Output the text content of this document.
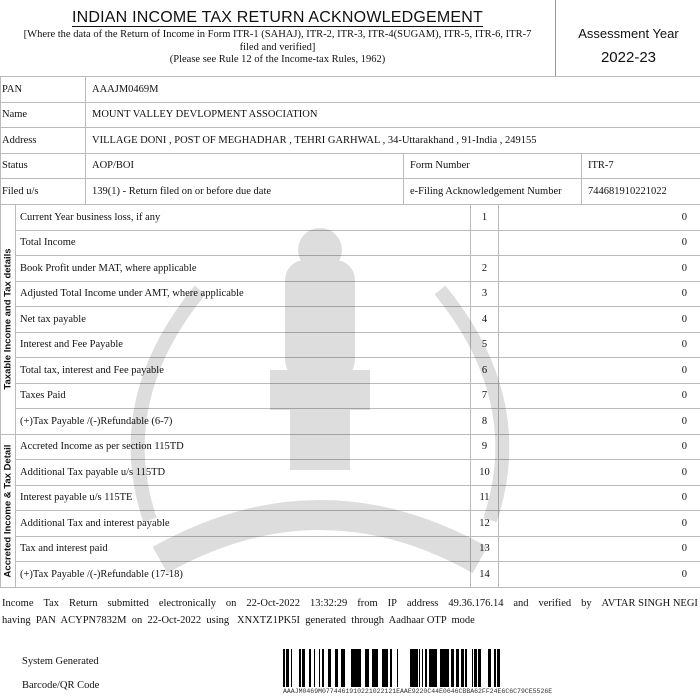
INDIAN INCOME TAX RETURN ACKNOWLEDGEMENT
[Where the data of the Return of Income in Form ITR-1 (SAHAJ), ITR-2, ITR-3, ITR-4(SUGAM), ITR-5, ITR-6, ITR-7
filed and verified]
(Please see Rule 12 of the Income-tax Rules, 1962)
Assessment Year
2022-23
PAN	AAAJM0469M		
Name	MOUNT VALLEY DEVLOPMENT ASSOCIATION		
Address	VILLAGE DONI , POST OF MEGHADHAR , TEHRI GARHWAL , 34-Uttarakhand , 91-India , 249155		
Status	AOP/BOI	Form Number	ITR-7
Filed u/s	139(1) - Return filed on or before due date	e-Filing Acknowledgement Number	744681910221022
Taxable Income and Tax details	Current Year business loss, if any	1	0
	Total Income		0
	Book Profit under MAT, where applicable	2	0
	Adjusted Total Income under AMT, where applicable	3	0
	Net tax payable	4	0
	Interest and Fee Payable	5	0
	Total tax, interest and Fee payable	6	0
	Taxes Paid	7	0
	(+)Tax Payable /(-)Refundable (6-7)	8	0

Accreted Income & Tax Detail	Accreted Income as per section 115TD	9	0
	Additional Tax payable u/s 115TD	10	0
	Interest payable u/s 115TE	11	0
	Additional Tax and interest payable	12	0
	Tax and interest paid	13	0
	(+)Tax Payable /(-)Refundable (17-18)	14	0
Income Tax Return submitted electronically on 22-Oct-2022 13:32:29 from IP address 49.36.176.14 and verified by AVTAR SINGH NEGI
having  PAN  ACYPN7832M  on  22-Oct-2022  using   XNXTZ1PK5I  generated  through  Aadhaar OTP  mode
System Generated
Barcode/QR Code
AAAJM0469M0774461910221022121EAAE9220C44E0646CBBA62FF24E6C6C79CE5526E
